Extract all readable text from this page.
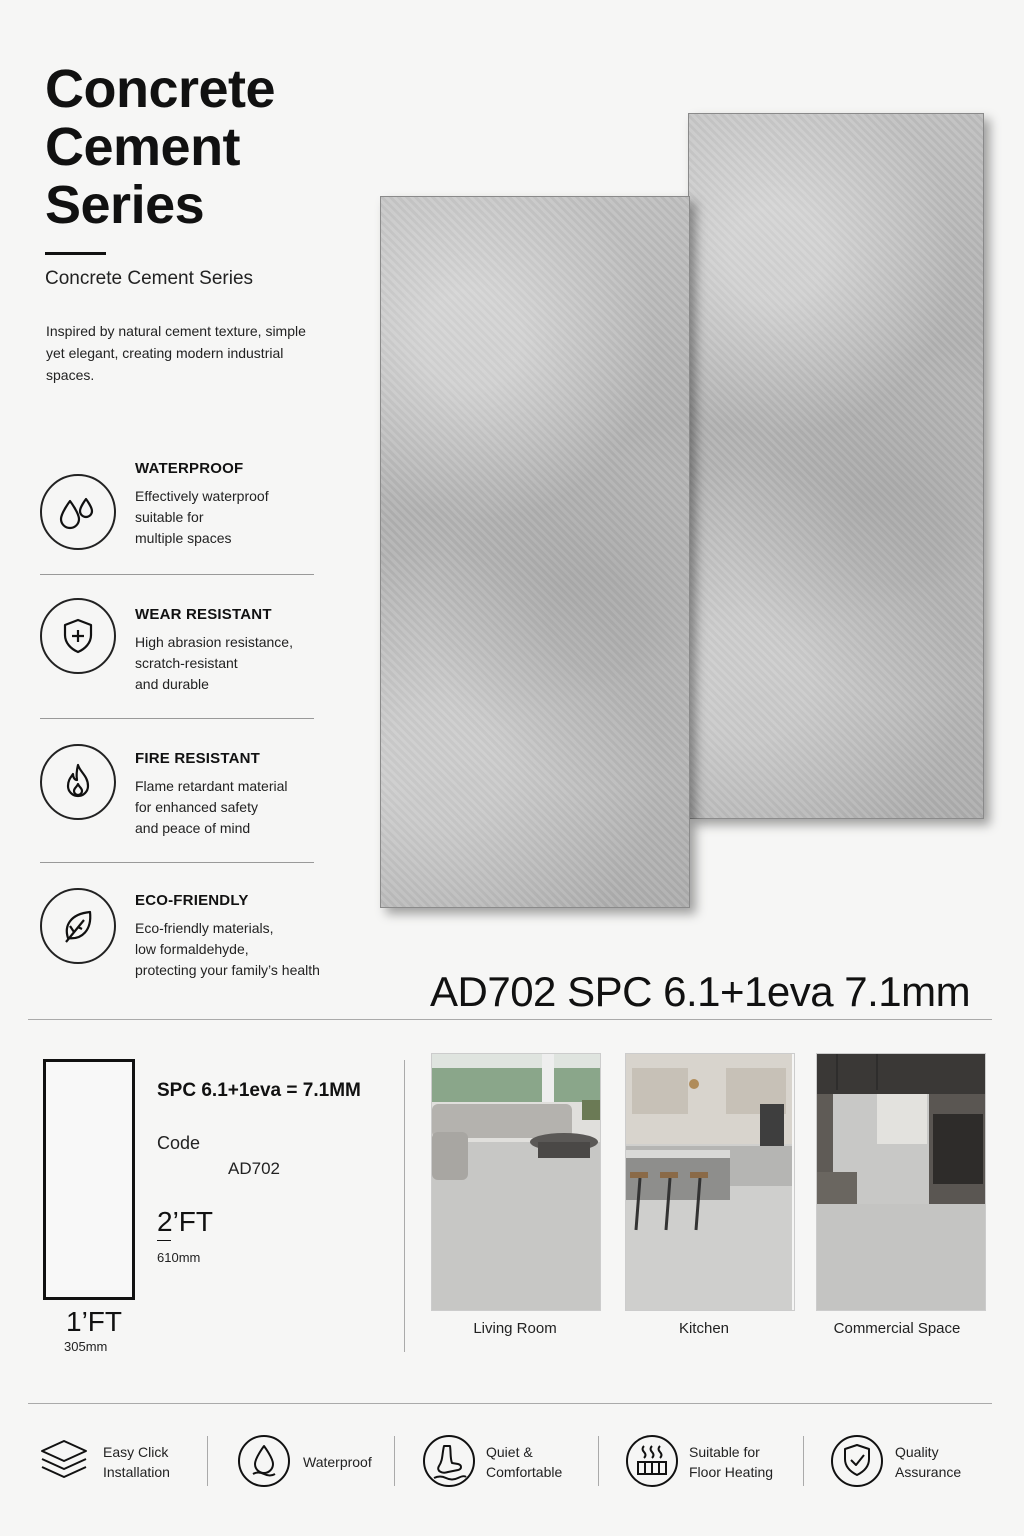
Concrete
Cement
Series
Concrete Cement Series
Inspired by natural cement texture, simple yet elegant, creating modern industrial spaces.
WATERPROOF
Effectively waterproof
suitable for
multiple spaces
WEAR RESISTANT
High abrasion resistance,
scratch-resistant
and durable
FIRE RESISTANT
Flame retardant material
for enhanced safety
and peace of mind
ECO-FRIENDLY
Eco-friendly materials,
low formaldehyde,
protecting your family’s health	AD702 SPC 6.1+1eva 7.1mm
SPC 6.1+1eva = 7.1MM
Code
AD702
2’FT
610mm
1’FT
305mm
Living Room	Kitchen	Commercial Space
Easy Click
Installation
Waterproof
Quiet &
Comfortable
Suitable for
Floor Heating
Quality
Assurance
